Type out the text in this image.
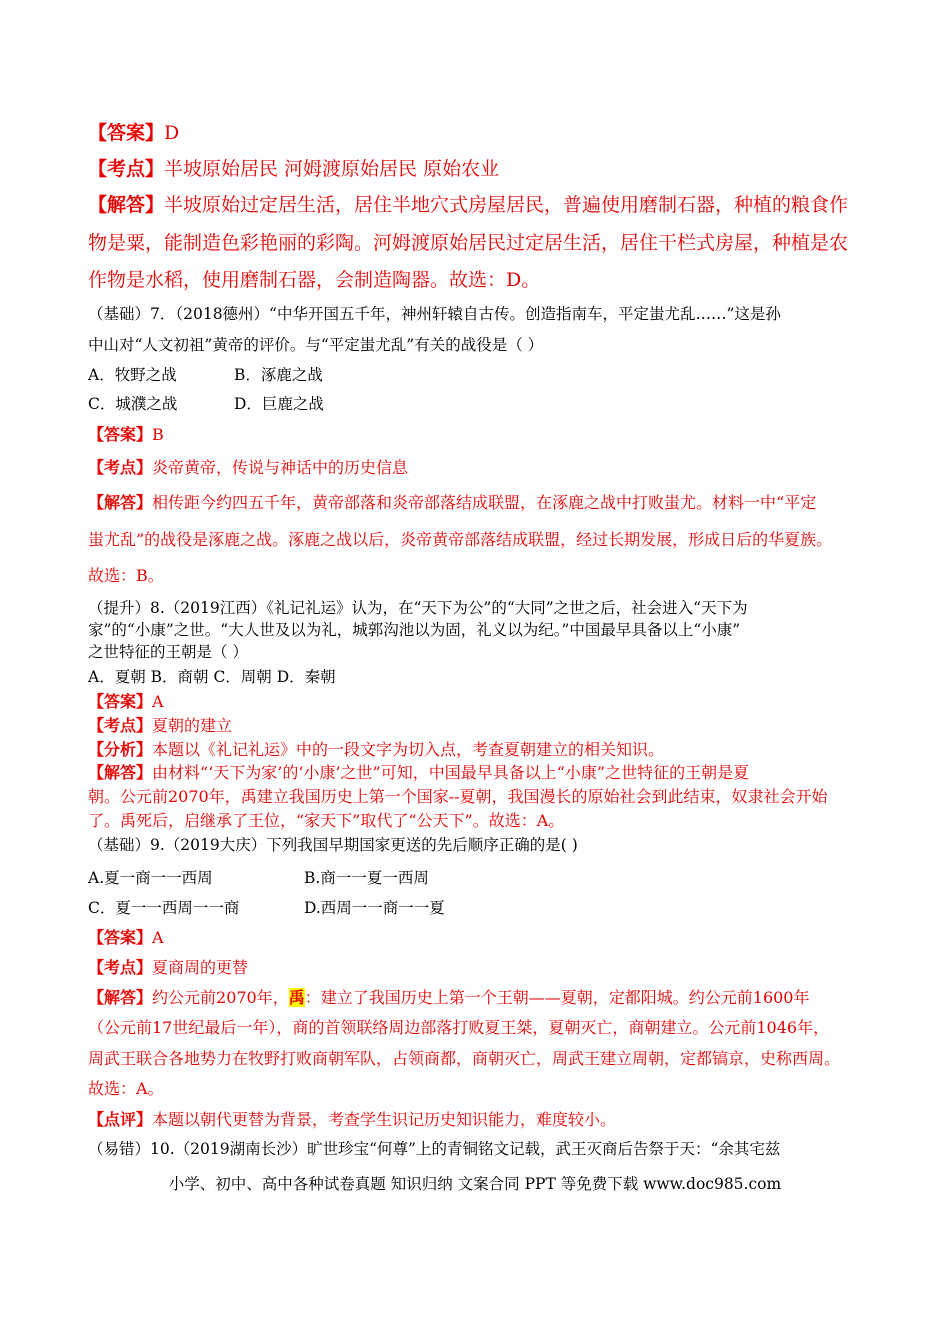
【答案】D
【考点】半坡原始居民 河姆渡原始居民 原始农业
【解答】半坡原始过定居生活，居住半地穴式房屋居民，普遍使用磨制石器，种植的粮食作
物是粟，能制造色彩艳丽的彩陶。河姆渡原始居民过定居生活，居住干栏式房屋，种植是农
作物是水稻，使用磨制石器，会制造陶器。故选：D。
（基础）7．（2018德州）“中华开国五千年，神州轩辕自古传。创造指南车，平定蚩尤乱……”这是孙
中山对“人文初祖”黄帝的评价。与“平定蚩尤乱”有关的战役是（ ）
A．牧野之战	B．涿鹿之战
C．城濮之战	D．巨鹿之战
【答案】B
【考点】炎帝黄帝，传说与神话中的历史信息
【解答】相传距今约四五千年，黄帝部落和炎帝部落结成联盟，在涿鹿之战中打败蚩尤。材料一中“平定
蚩尤乱”的战役是涿鹿之战。涿鹿之战以后，炎帝黄帝部落结成联盟，经过长期发展，形成日后的华夏族。
故选：B。
（提升）8.（2019江西）《礼记礼运》认为，在“天下为公”的“大同”之世之后，社会进入“天下为
家”的“小康”之世。“大人世及以为礼，城郭沟池以为固，礼义以为纪。”中国最早具备以上“小康”
之世特征的王朝是（ ）
A．夏朝 B．商朝 C．周朝 D．秦朝
【答案】A
【考点】夏朝的建立
【分析】本题以《礼记礼运》中的一段文字为切入点，考查夏朝建立的相关知识。
【解答】由材料“‘天下为家’的‘小康’之世”可知，中国最早具备以上“小康”之世特征的王朝是夏
朝。公元前2070年，禹建立我国历史上第一个国家--夏朝，我国漫长的原始社会到此结束，奴隶社会开始
了。禹死后，启继承了王位，“家天下”取代了“公天下”。故选：A。
（基础）9.（2019大庆）下列我国早期国家更送的先后顺序正确的是( )
A.夏一商一一西周	B.商一一夏一西周
C．夏一一西周一一商	D.西周一一商一一夏
【答案】A
【考点】夏商周的更替
【解答】约公元前2070年，禹：建立了我国历史上第一个王朝——夏朝，定都阳城。约公元前1600年
（公元前17世纪最后一年），商的首领联络周边部落打败夏王桀，夏朝灭亡，商朝建立。公元前1046年，
周武王联合各地势力在牧野打败商朝军队，占领商都，商朝灭亡，周武王建立周朝，定都镐京，史称西周。
故选：A。
【点评】本题以朝代更替为背景，考查学生识记历史知识能力，难度较小。
（易错）10.（2019湖南长沙）旷世珍宝“何尊”上的青铜铭文记载，武王灭商后告祭于天：“余其宅兹
小学、初中、高中各种试卷真题 知识归纳 文案合同 PPT 等免费下载 www.doc985.com
